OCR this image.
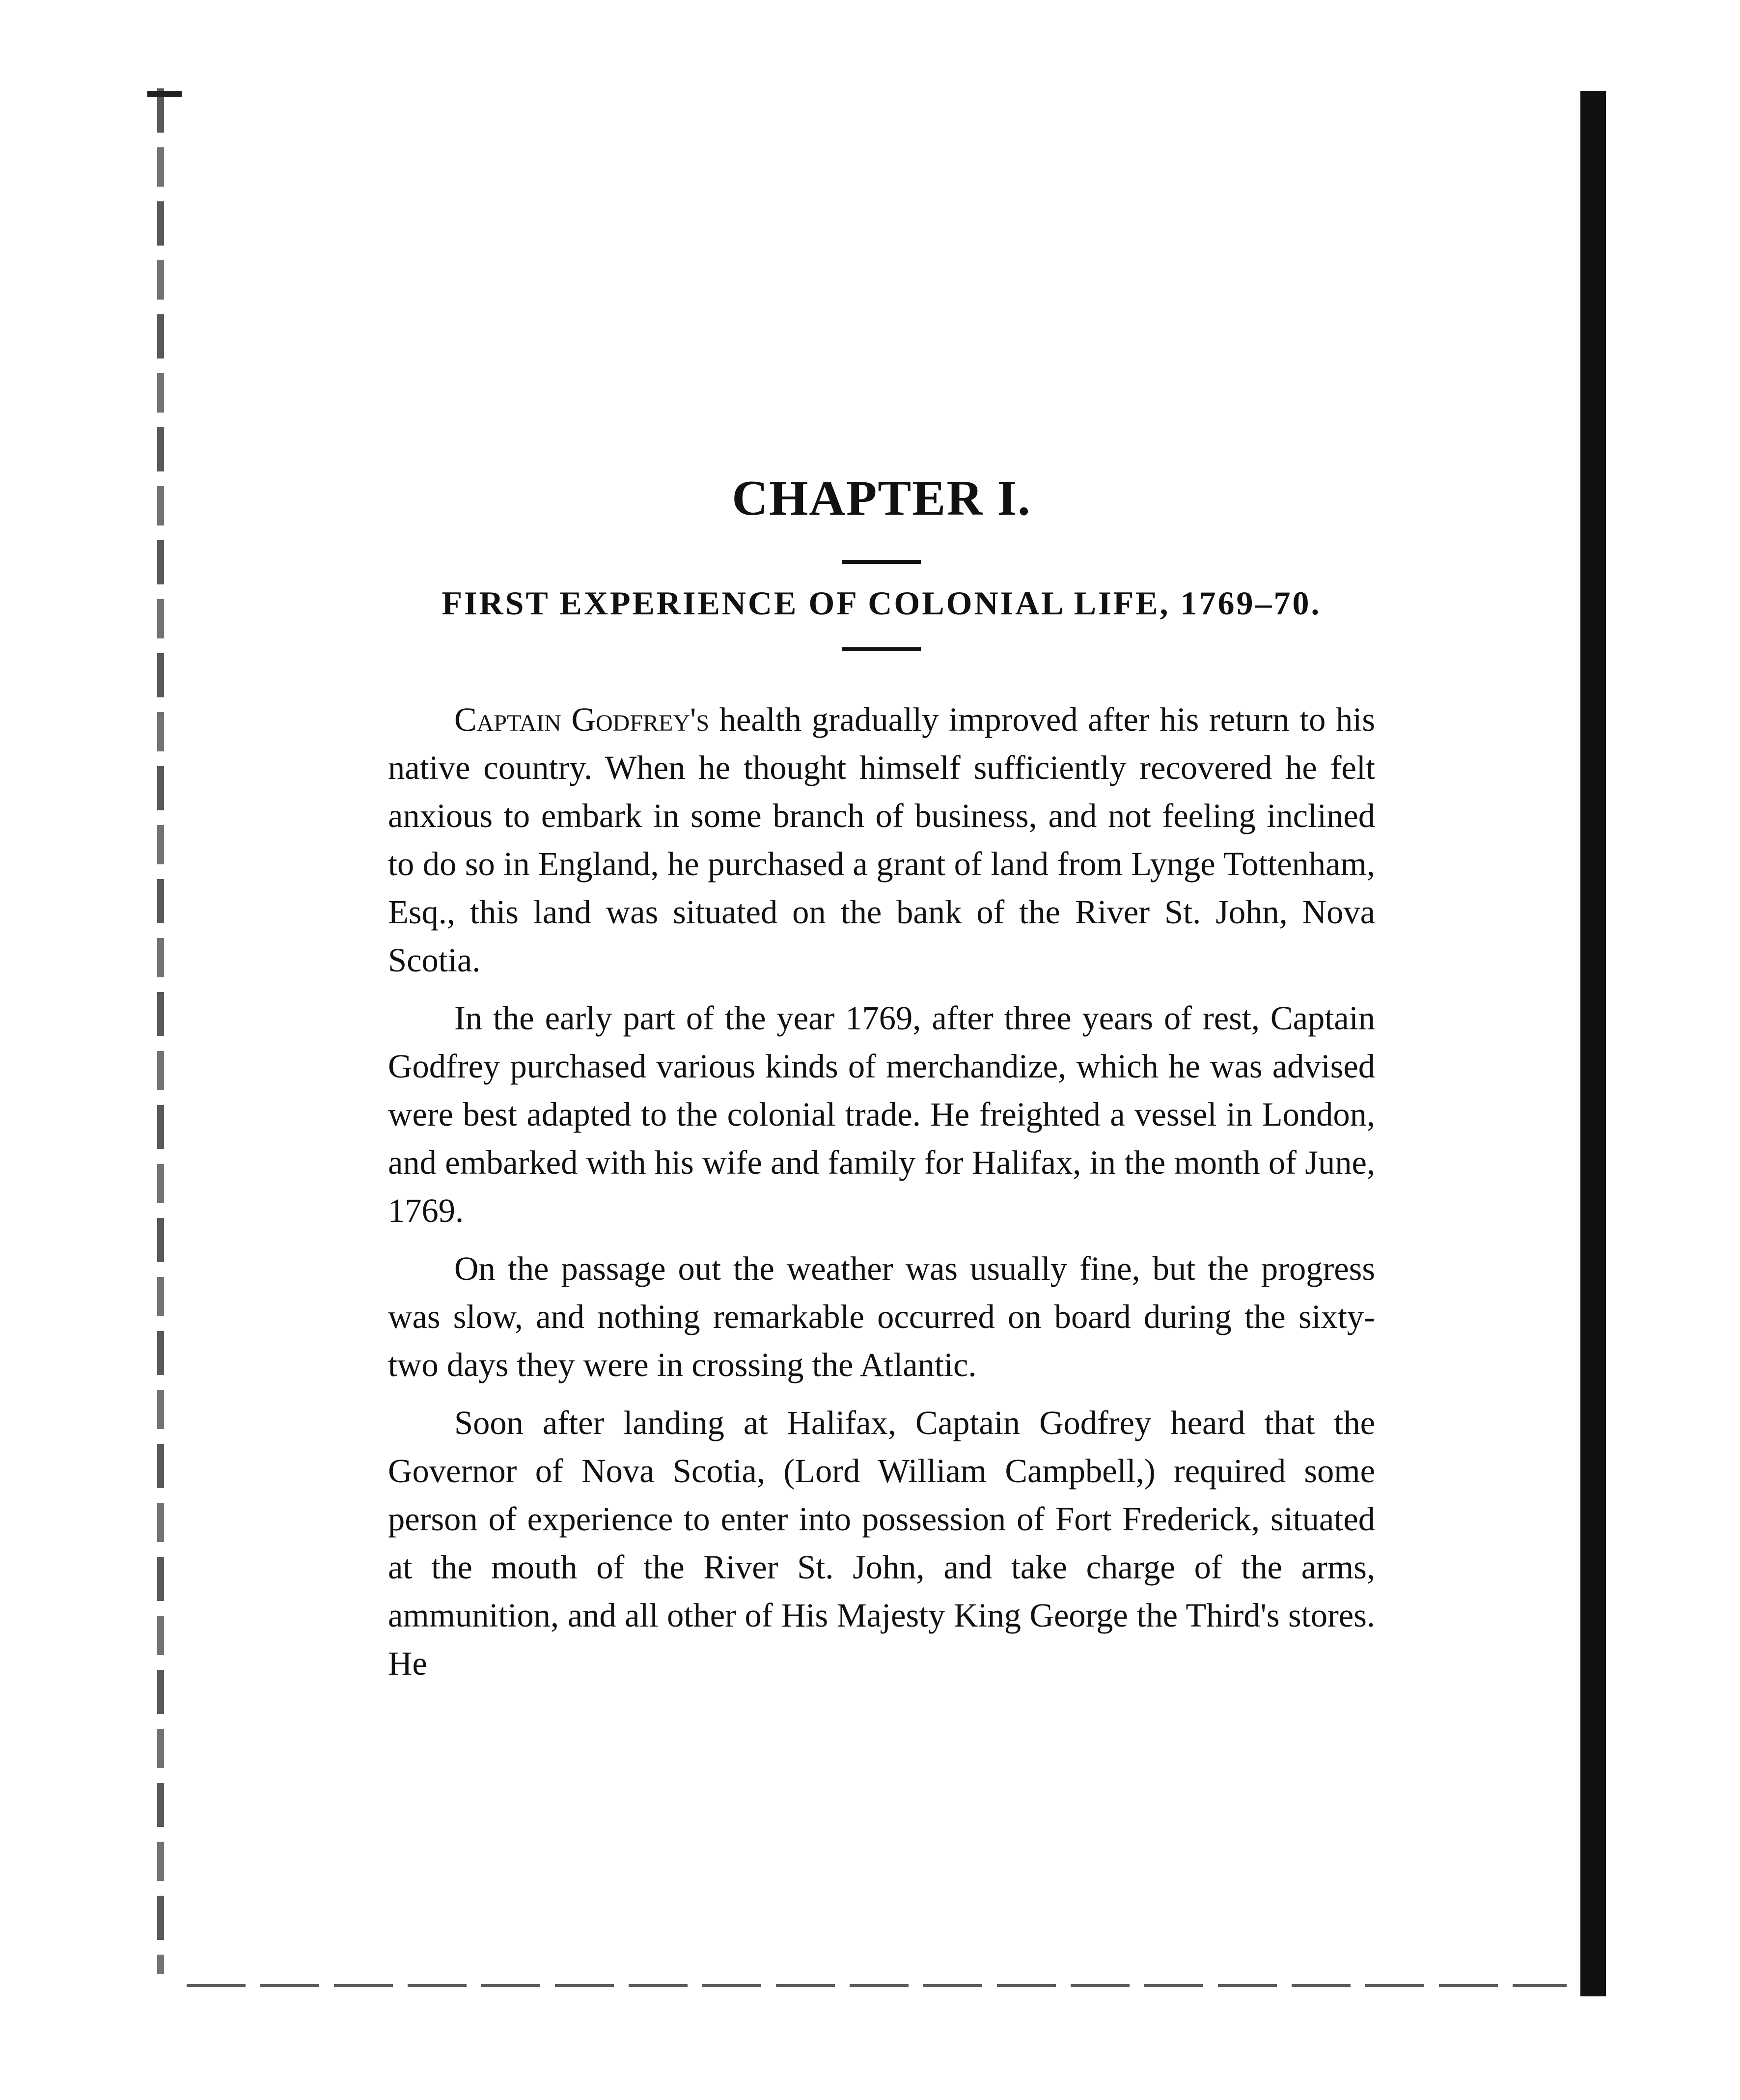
CHAPTER I.
FIRST EXPERIENCE OF COLONIAL LIFE, 1769–70.

Captain Godfrey's health gradually improved after his return to his native country. When he thought himself sufficiently recovered he felt anxious to embark in some branch of business, and not feeling inclined to do so in England, he purchased a grant of land from Lynge Tottenham, Esq., this land was situated on the bank of the River St. John, Nova Scotia.

In the early part of the year 1769, after three years of rest, Captain Godfrey purchased various kinds of merchandize, which he was advised were best adapted to the colonial trade. He freighted a vessel in London, and embarked with his wife and family for Halifax, in the month of June, 1769.

On the passage out the weather was usually fine, but the progress was slow, and nothing remarkable occurred on board during the sixty-two days they were in crossing the Atlantic.

Soon after landing at Halifax, Captain Godfrey heard that the Governor of Nova Scotia, (Lord William Campbell,) required some person of experience to enter into possession of Fort Frederick, situated at the mouth of the River St. John, and take charge of the arms, ammunition, and all other of His Majesty King George the Third's stores. He
